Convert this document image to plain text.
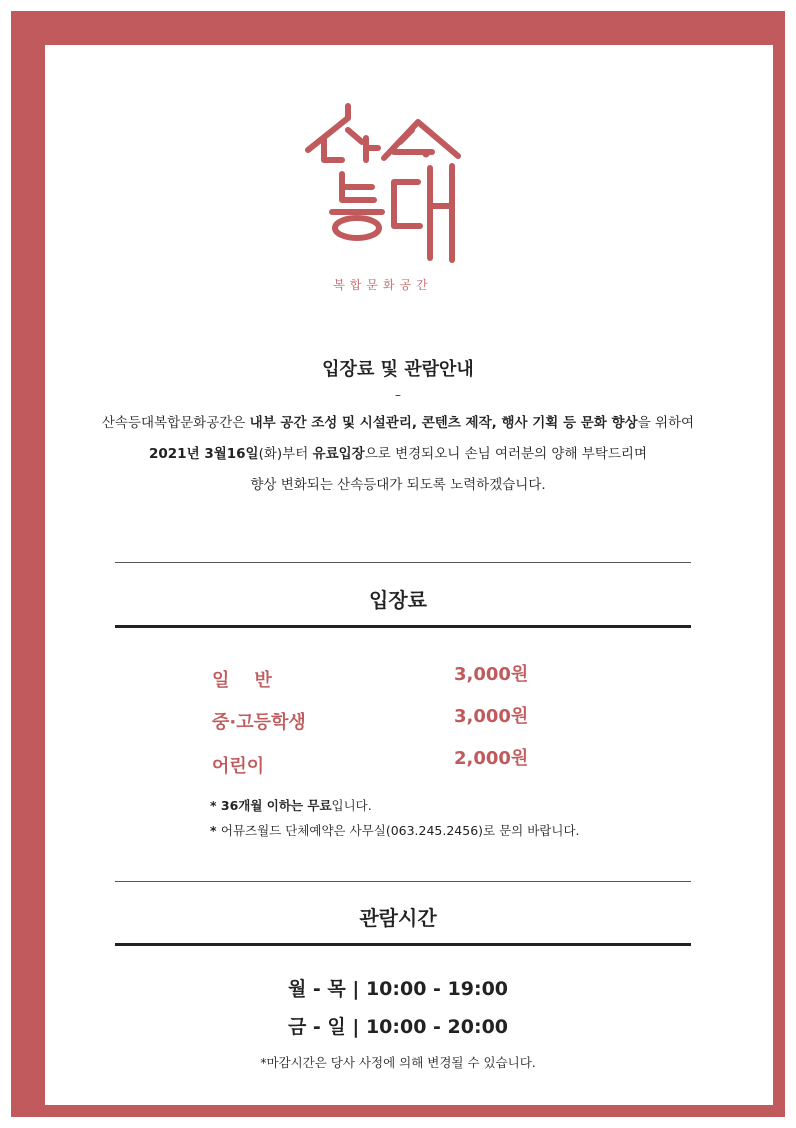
복합문화공간
입장료 및 관람안내
–
산속등대복합문화공간은 내부 공간 조성 및 시설관리, 콘텐츠 제작, 행사 기획 등 문화 향상을 위하여
2021년 3월16일(화)부터 유료입장으로 변경되오니 손님 여러분의 양해 부탁드리며
향상 변화되는 산속등대가 되도록 노력하겠습니다.
입장료
일    반	3,000원
중·고등학생	3,000원
어린이	2,000원
* 36개월 이하는 무료입니다.
* 어뮤즈월드 단체예약은 사무실(063.245.2456)로 문의 바랍니다.
관람시간
월 - 목 | 10:00 - 19:00
금 - 일 | 10:00 - 20:00
*마감시간은 당사 사정에 의해 변경될 수 있습니다.
